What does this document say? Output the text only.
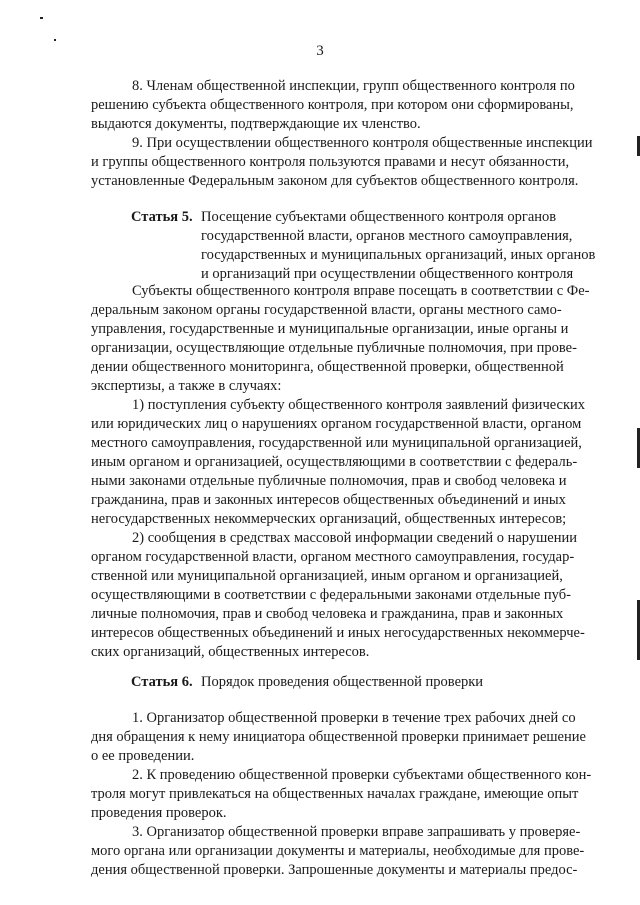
3
8. Членам общественной инспекции, групп общественного контроля по
решению субъекта общественного контроля, при котором они сформированы,
выдаются документы, подтверждающие их членство.
9. При осуществлении общественного контроля общественные инспекции
и группы общественного контроля пользуются правами и несут обязанности,
установленные Федеральным законом для субъектов общественного контроля.
Статья 5. Посещение субъектами общественного контроля органов
государственной власти, органов местного самоуправления,
государственных и муниципальных организаций, иных органов
и организаций при осуществлении общественного контроля
Субъекты общественного контроля вправе посещать в соответствии с Фе-
деральным законом органы государственной власти, органы местного само-
управления, государственные и муниципальные организации, иные органы и
организации, осуществляющие отдельные публичные полномочия, при прове-
дении общественного мониторинга, общественной проверки, общественной
экспертизы, а также в случаях:
1) поступления субъекту общественного контроля заявлений физических
или юридических лиц о нарушениях органом государственной власти, органом
местного самоуправления, государственной или муниципальной организацией,
иным органом и организацией, осуществляющими в соответствии с федераль-
ными законами отдельные публичные полномочия, прав и свобод человека и
гражданина, прав и законных интересов общественных объединений и иных
негосударственных некоммерческих организаций, общественных интересов;
2) сообщения в средствах массовой информации сведений о нарушении
органом государственной власти, органом местного самоуправления, государ-
ственной или муниципальной организацией, иным органом и организацией,
осуществляющими в соответствии с федеральными законами отдельные пуб-
личные полномочия, прав и свобод человека и гражданина, прав и законных
интересов общественных объединений и иных негосударственных некоммерче-
ских организаций, общественных интересов.
Статья 6. Порядок проведения общественной проверки
1. Организатор общественной проверки в течение трех рабочих дней со
дня обращения к нему инициатора общественной проверки принимает решение
о ее проведении.
2. К проведению общественной проверки субъектами общественного кон-
троля могут привлекаться на общественных началах граждане, имеющие опыт
проведения проверок.
3. Организатор общественной проверки вправе запрашивать у проверяе-
мого органа или организации документы и материалы, необходимые для прове-
дения общественной проверки. Запрошенные документы и материалы предос-
